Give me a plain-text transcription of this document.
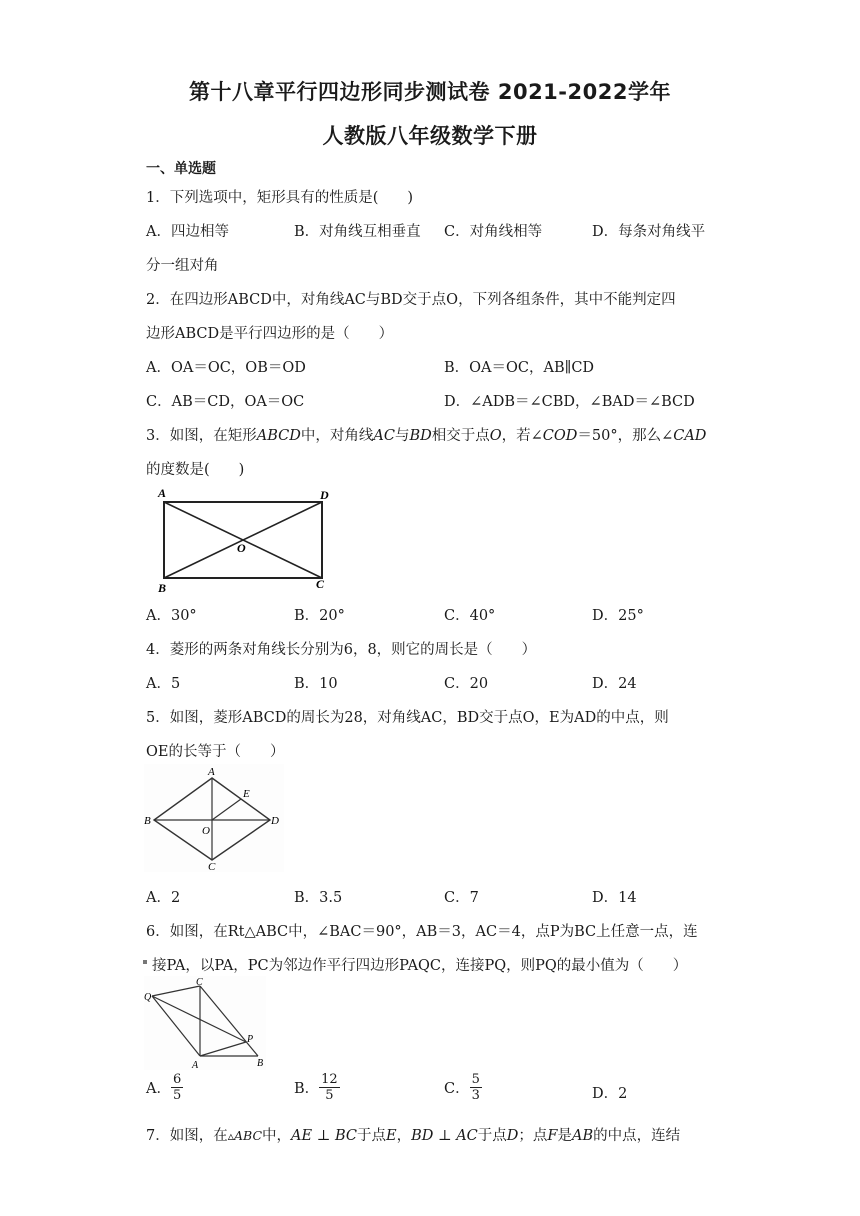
第十八章平行四边形同步测试卷 2021-2022学年
人教版八年级数学下册
一、单选题
1．下列选项中，矩形具有的性质是(　　)
A．四边相等	B．对角线互相垂直 C．对角线相等	D．每条对角线平
分一组对角
2．在四边形ABCD中，对角线AC与BD交于点O，下列各组条件，其中不能判定四
边形ABCD是平行四边形的是（　　）
A．OA＝OC，OB＝OD	B．OA＝OC，AB∥CD
C．AB＝CD，OA＝OC	D．∠ADB＝∠CBD，∠BAD＝∠BCD
3．如图，在矩形ABCD中，对角线AC与BD相交于点O，若∠COD＝50°，那么∠CAD
的度数是(　　)
A	D
B	C
O
A．30°	B．20°	C．40°	D．25°
4．菱形的两条对角线长分别为6，8，则它的周长是（　　）
A．5	B．10	C．20	D．24
5．如图，菱形ABCD的周长为28，对角线AC，BD交于点O，E为AD的中点，则
OE的长等于（　　）
A
B	D
C
E
O
A．2	B．3.5	C．7	D．14
6．如图，在Rt△ABC中，∠BAC＝90°，AB＝3，AC＝4，点P为BC上任意一点，连
接PA，以PA，PC为邻边作平行四边形PAQC，连接PQ，则PQ的最小值为（　　）
Q
C
P
A	B
A． $\frac{6}{5}$	B． $\frac{12}{5}$	C． $\frac{5}{3}$	D．2
7．如图，在▵ABC中，AE ⊥ BC于点E，BD ⊥ AC于点D；点F是AB的中点，连结
